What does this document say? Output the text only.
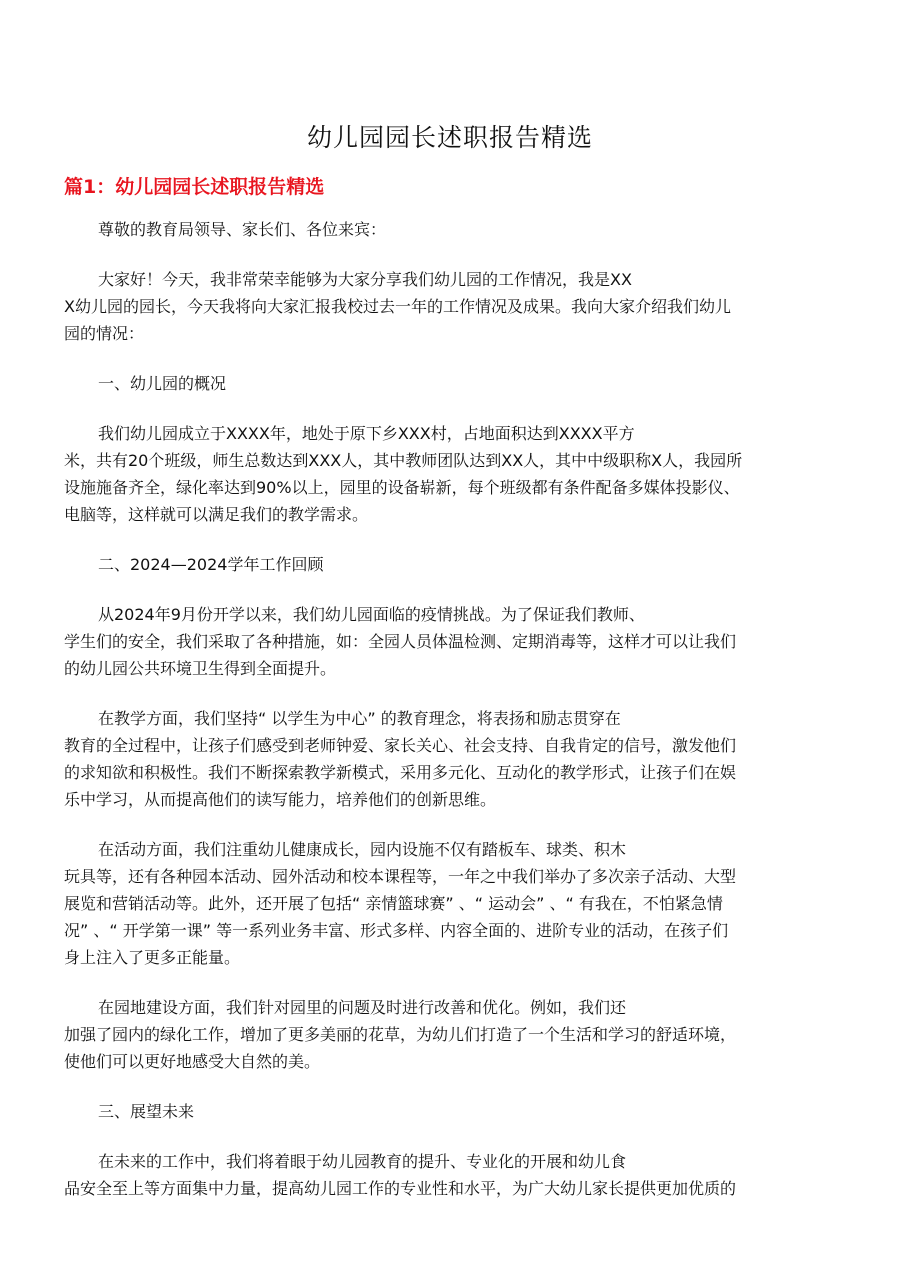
幼儿园园长述职报告精选
篇1：幼儿园园长述职报告精选
尊敬的教育局领导、家长们、各位来宾：
大家好！今天，我非常荣幸能够为大家分享我们幼儿园的工作情况，我是XX
X幼儿园的园长，今天我将向大家汇报我校过去一年的工作情况及成果。我向大家介绍我们幼儿
园的情况：
一、幼儿园的概况
我们幼儿园成立于XXXX年，地处于原下乡XXX村，占地面积达到XXXX平方
米，共有20个班级，师生总数达到XXX人，其中教师团队达到XX人，其中中级职称X人，我园所
设施施备齐全，绿化率达到90%以上，园里的设备崭新，每个班级都有条件配备多媒体投影仪、
电脑等，这样就可以满足我们的教学需求。
二、2024—2024学年工作回顾
从2024年9月份开学以来，我们幼儿园面临的疫情挑战。为了保证我们教师、
学生们的安全，我们采取了各种措施，如：全园人员体温检测、定期消毒等，这样才可以让我们
的幼儿园公共环境卫生得到全面提升。
在教学方面，我们坚持“ 以学生为中心” 的教育理念，将表扬和励志贯穿在
教育的全过程中，让孩子们感受到老师钟爱、家长关心、社会支持、自我肯定的信号，激发他们
的求知欲和积极性。我们不断探索教学新模式，采用多元化、互动化的教学形式，让孩子们在娱
乐中学习，从而提高他们的读写能力，培养他们的创新思维。
在活动方面，我们注重幼儿健康成长，园内设施不仅有踏板车、球类、积木
玩具等，还有各种园本活动、园外活动和校本课程等，一年之中我们举办了多次亲子活动、大型
展览和营销活动等。此外，还开展了包括“ 亲情篮球赛” 、“ 运动会” 、“ 有我在，不怕紧急情
况” 、“ 开学第一课” 等一系列业务丰富、形式多样、内容全面的、进阶专业的活动，在孩子们
身上注入了更多正能量。
在园地建设方面，我们针对园里的问题及时进行改善和优化。例如，我们还
加强了园内的绿化工作，增加了更多美丽的花草，为幼儿们打造了一个生活和学习的舒适环境，
使他们可以更好地感受大自然的美。
三、展望未来
在未来的工作中，我们将着眼于幼儿园教育的提升、专业化的开展和幼儿食
品安全至上等方面集中力量，提高幼儿园工作的专业性和水平，为广大幼儿家长提供更加优质的
